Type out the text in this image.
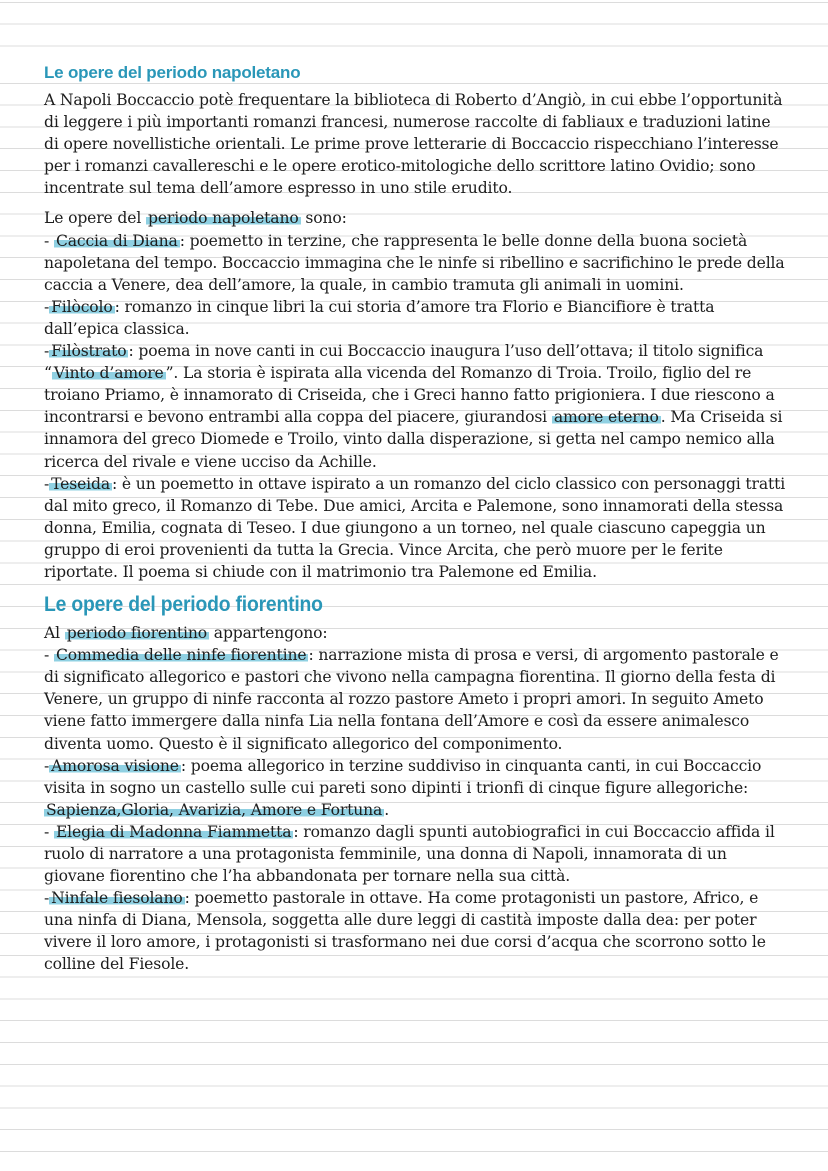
Le opere del periodo napoletano

A Napoli Boccaccio potè frequentare la biblioteca di Roberto d’Angiò, in cui ebbe l’opportunità di leggere i più importanti romanzi francesi, numerose raccolte di fabliaux e traduzioni latine di opere novellistiche orientali. Le prime prove letterarie di Boccaccio rispecchiano l’interesse per i romanzi cavallereschi e le opere erotico-mitologiche dello scrittore latino Ovidio; sono incentrate sul tema dell’amore espresso in uno stile erudito.

Le opere del periodo napoletano sono:

- Caccia di Diana : poemetto in terzine, che rappresenta le belle donne della buona società napoletana del tempo. Boccaccio immagina che le ninfe si ribellino e sacrifichino le prede della caccia a Venere, dea dell’amore, la quale, in cambio tramuta gli animali in uomini.

- Filòcolo : romanzo in cinque libri la cui storia d’amore tra Florio e Biancifiore è tratta dall’epica classica.

- Filòstrato : poema in nove canti in cui Boccaccio inaugura l’uso dell’ottava; il titolo significa “ Vinto d’amore ”. La storia è ispirata alla vicenda del Romanzo di Troia. Troilo, figlio del re troiano Priamo, è innamorato di Criseida, che i Greci hanno fatto prigioniera. I due riescono a incontrarsi e bevono entrambi alla coppa del piacere, giurandosi amore eterno . Ma Criseida si innamora del greco Diomede e Troilo, vinto dalla disperazione, si getta nel campo nemico alla ricerca del rivale e viene ucciso da Achille.

- Teseida : è un poemetto in ottave ispirato a un romanzo del ciclo classico con personaggi tratti dal mito greco, il Romanzo di Tebe. Due amici, Arcita e Palemone, sono innamorati della stessa donna, Emilia, cognata di Teseo. I due giungono a un torneo, nel quale ciascuno capeggia un gruppo di eroi provenienti da tutta la Grecia. Vince Arcita, che però muore per le ferite riportate. Il poema si chiude con il matrimonio tra Palemone ed Emilia.

Le opere del periodo fiorentino

Al periodo fiorentino appartengono:

- Commedia delle ninfe fiorentine : narrazione mista di prosa e versi, di argomento pastorale e di significato allegorico e pastori che vivono nella campagna fiorentina. Il giorno della festa di Venere, un gruppo di ninfe racconta al rozzo pastore Ameto i propri amori. In seguito Ameto viene fatto immergere dalla ninfa Lia nella fontana dell’Amore e così da essere animalesco diventa uomo. Questo è il significato allegorico del componimento.

- Amorosa visione : poema allegorico in terzine suddiviso in cinquanta canti, in cui Boccaccio visita in sogno un castello sulle cui pareti sono dipinti i trionfi di cinque figure allegoriche: Sapienza,Gloria, Avarizia, Amore e Fortuna .

- Elegia di Madonna Fiammetta : romanzo dagli spunti autobiografici in cui Boccaccio affida il ruolo di narratore a una protagonista femminile, una donna di Napoli, innamorata di un giovane fiorentino che l’ha abbandonata per tornare nella sua città.

- Ninfale fiesolano : poemetto pastorale in ottave. Ha come protagonisti un pastore, Africo, e una ninfa di Diana, Mensola, soggetta alle dure leggi di castità imposte dalla dea: per poter vivere il loro amore, i protagonisti si trasformano nei due corsi d’acqua che scorrono sotto le colline del Fiesole.
